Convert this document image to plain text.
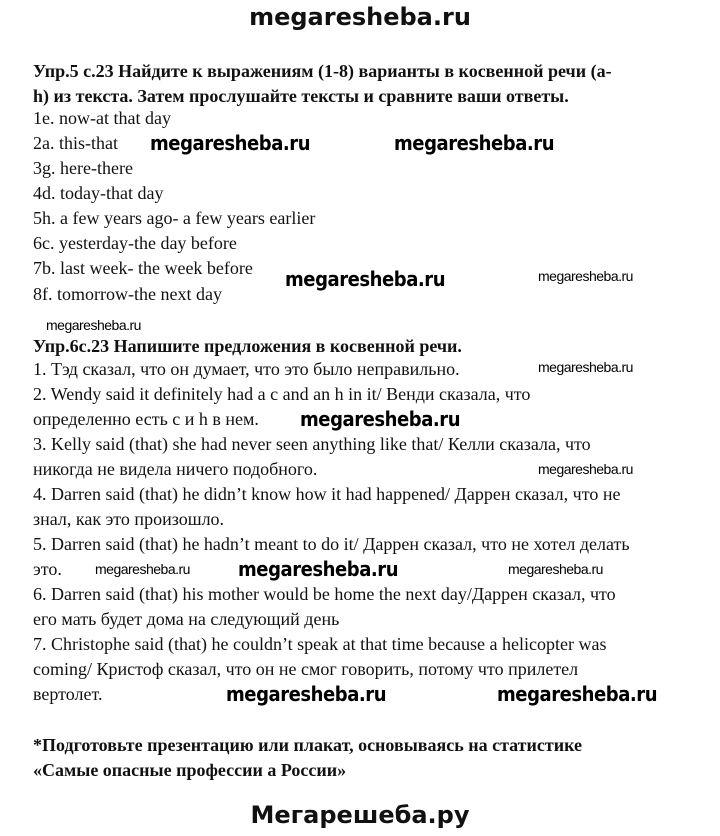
megaresheba.ru
Упр.5 с.23 Найдите к выражениям (1-8) варианты в косвенной речи (a-
h) из текста. Затем прослушайте тексты и сравните ваши ответы.
1e. now-at that day
2a. this-that
3g. here-there
4d. today-that day
5h. a few years ago- a few years earlier
6c. yesterday-the day before
7b. last week- the week before
8f. tomorrow-the next day
Упр.6с.23 Напишите предложения в косвенной речи.
1. Тэд сказал, что он думает, что это было неправильно.
2. Wendy said it definitely had a c and an h in it/ Венди сказала, что
определенно есть с и h в нем.
3. Kelly said (that) she had never seen anything like that/ Келли сказала, что
никогда не видела ничего подобного.
4. Darren said (that) he didn’t know how it had happened/ Даррен сказал, что не
знал, как это произошло.
5. Darren said (that) he hadn’t meant to do it/ Даррен сказал, что не хотел делать
это.
6. Darren said (that) his mother would be home the next day/Даррен сказал, что
его мать будет дома на следующий день
7. Christophe said (that) he couldn’t speak at that time because a helicopter was
coming/ Кристоф сказал, что он не смог говорить, потому что прилетел
вертолет.
*Подготовьте презентацию или плакат, основываясь на статистике
«Самые опасные профессии а России»
megaresheba.ru	megaresheba.ru
megaresheba.ru
megaresheba.ru
megaresheba.ru
megaresheba.ru	megaresheba.ru
megaresheba.ru
megaresheba.ru
megaresheba.ru
megaresheba.ru
megaresheba.ru	megaresheba.ru
Мегарешеба.ру
